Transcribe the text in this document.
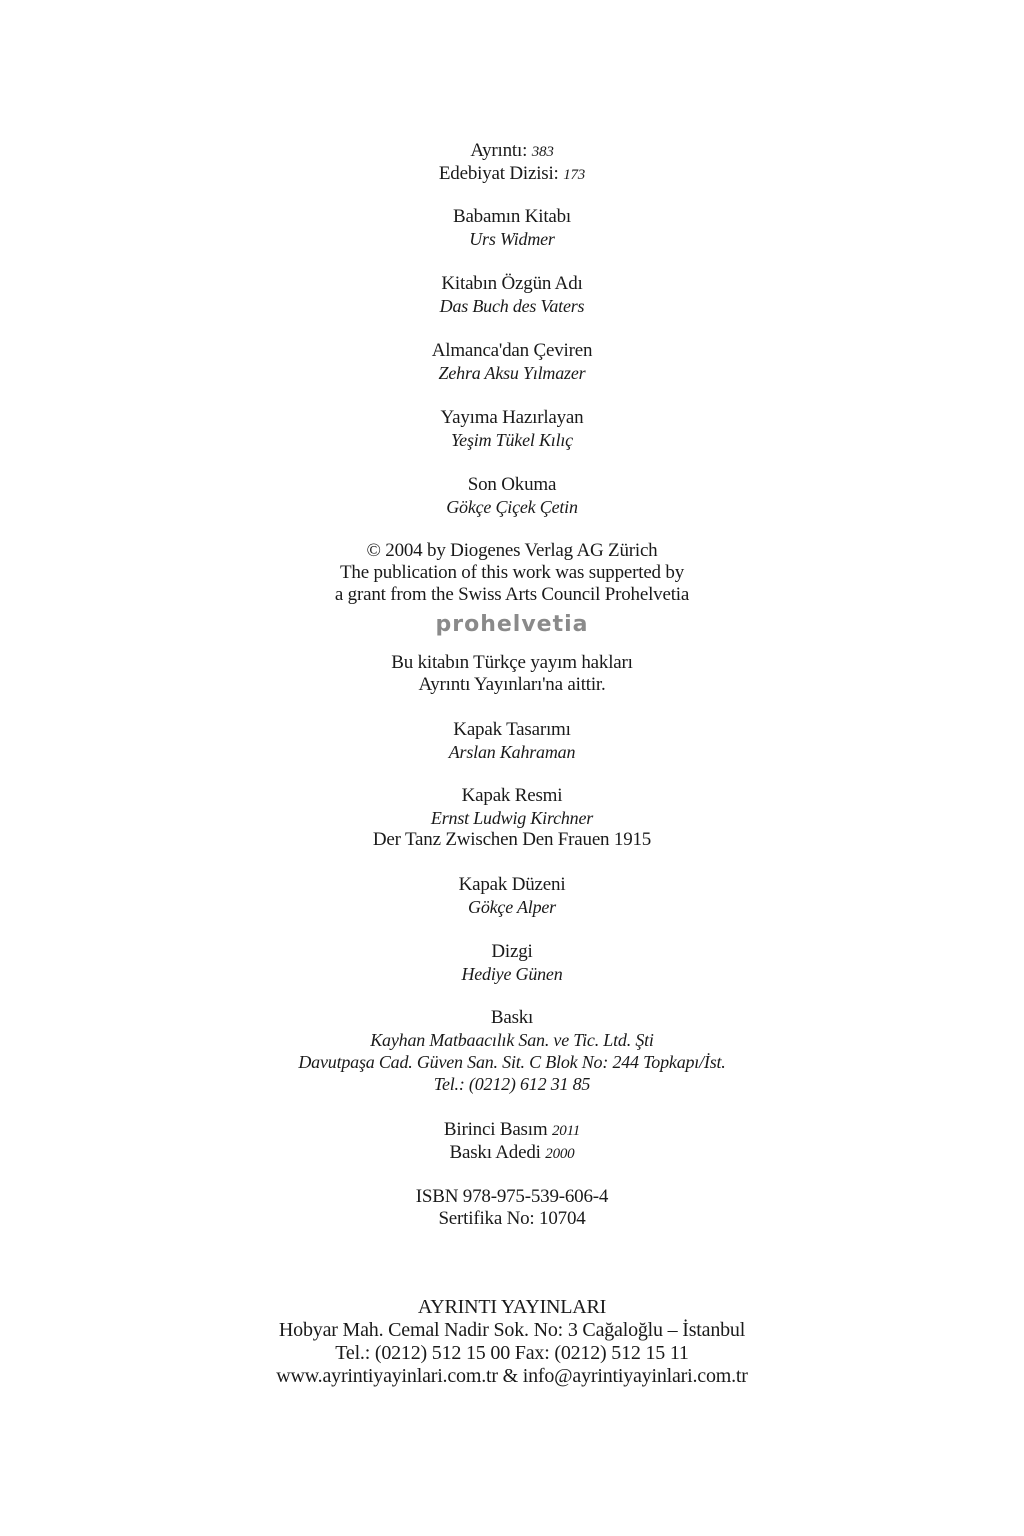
Ayrıntı: 383
Edebiyat Dizisi: 173
Babamın Kitabı
Urs Widmer
Kitabın Özgün Adı
Das Buch des Vaters
Almanca'dan Çeviren
Zehra Aksu Yılmazer
Yayıma Hazırlayan
Yeşim Tükel Kılıç
Son Okuma
Gökçe Çiçek Çetin
© 2004 by Diogenes Verlag AG Zürich
The publication of this work was supperted by
a grant from the Swiss Arts Council Prohelvetia
prohelvetia
Bu kitabın Türkçe yayım hakları
Ayrıntı Yayınları'na aittir.
Kapak Tasarımı
Arslan Kahraman
Kapak Resmi
Ernst Ludwig Kirchner
Der Tanz Zwischen Den Frauen 1915
Kapak Düzeni
Gökçe Alper
Dizgi
Hediye Günen
Baskı
Kayhan Matbaacılık San. ve Tic. Ltd. Şti
Davutpaşa Cad. Güven San. Sit. C Blok No: 244 Topkapı/İst.
Tel.: (0212) 612 31 85
Birinci Basım 2011
Baskı Adedi 2000
ISBN 978-975-539-606-4
Sertifika No: 10704
AYRINTI YAYINLARI
Hobyar Mah. Cemal Nadir Sok. No: 3 Cağaloğlu – İstanbul
Tel.: (0212) 512 15 00 Fax: (0212) 512 15 11
www.ayrintiyayinlari.com.tr & info@ayrintiyayinlari.com.tr
